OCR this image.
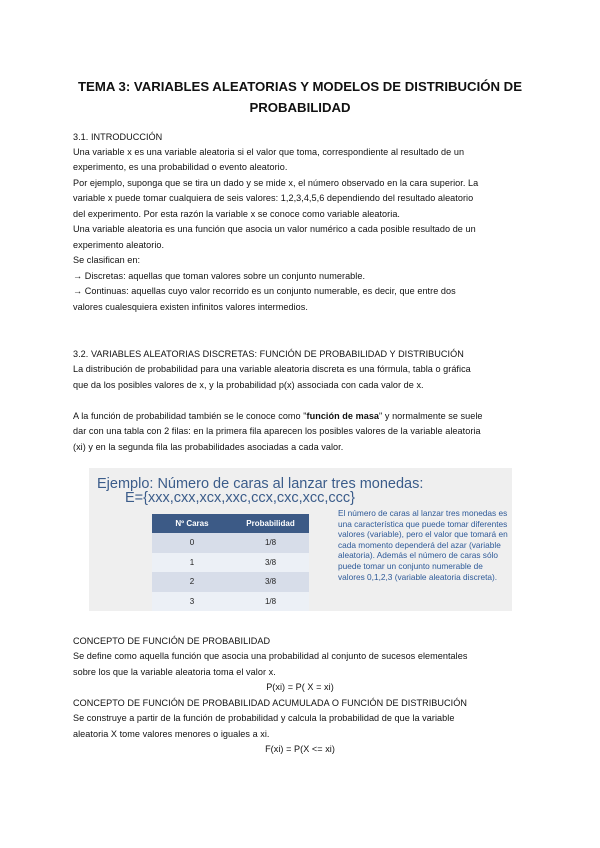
TEMA 3: VARIABLES ALEATORIAS Y MODELOS DE DISTRIBUCIÓN DE
PROBABILIDAD
3.1. INTRODUCCIÓN
Una variable x es una variable aleatoria si el valor que toma, correspondiente al resultado de un
experimento, es una probabilidad o evento aleatorio.
Por ejemplo, suponga que se tira un dado y se mide x, el número observado en la cara superior. La
variable x puede tomar cualquiera de seis valores: 1,2,3,4,5,6 dependiendo del resultado aleatorio
del experimento. Por esta razón la variable x se conoce como variable aleatoria.
Una variable aleatoria es una función que asocia un valor numérico a cada posible resultado de un
experimento aleatorio.
Se clasifican en:
→ Discretas: aquellas que toman valores sobre un conjunto numerable.
→ Continuas: aquellas cuyo valor recorrido es un conjunto numerable, es decir, que entre dos
valores cualesquiera existen infinitos valores intermedios.
3.2. VARIABLES ALEATORIAS DISCRETAS: FUNCIÓN DE PROBABILIDAD Y DISTRIBUCIÓN
La distribución de probabilidad para una variable aleatoria discreta es una fórmula, tabla o gráfica
que da los posibles valores de x, y la probabilidad p(x) associada con cada valor de x.
A la función de probabilidad también se le conoce como "función de masa" y normalmente se suele
dar con una tabla con 2 filas: en la primera fila aparecen los posibles valores de la variable aleatoria
(xi) y en la segunda fila las probabilidades asociadas a cada valor.
Ejemplo: Número de caras al lanzar tres monedas:
E={xxx,cxx,xcx,xxc,ccx,cxc,xcc,ccc}
Nº Caras	Probabilidad
0	1/8
1	3/8
2	3/8
3	1/8
El número de caras al lanzar tres monedas es una característica que puede tomar diferentes valores (variable), pero el valor que tomará en cada momento dependerá del azar (variable aleatoria). Además el número de caras sólo puede tomar un conjunto numerable de valores 0,1,2,3 (variable aleatoria discreta).
CONCEPTO DE FUNCIÓN DE PROBABILIDAD
Se define como aquella función que asocia una probabilidad al conjunto de sucesos elementales
sobre los que la variable aleatoria toma el valor x.
P(xi) = P( X = xi)
CONCEPTO DE FUNCIÓN DE PROBABILIDAD ACUMULADA O FUNCIÓN DE DISTRIBUCIÓN
Se construye a partir de la función de probabilidad y calcula la probabilidad de que la variable
aleatoria X tome valores menores o iguales a xi.
F(xi) = P(X <= xi)
